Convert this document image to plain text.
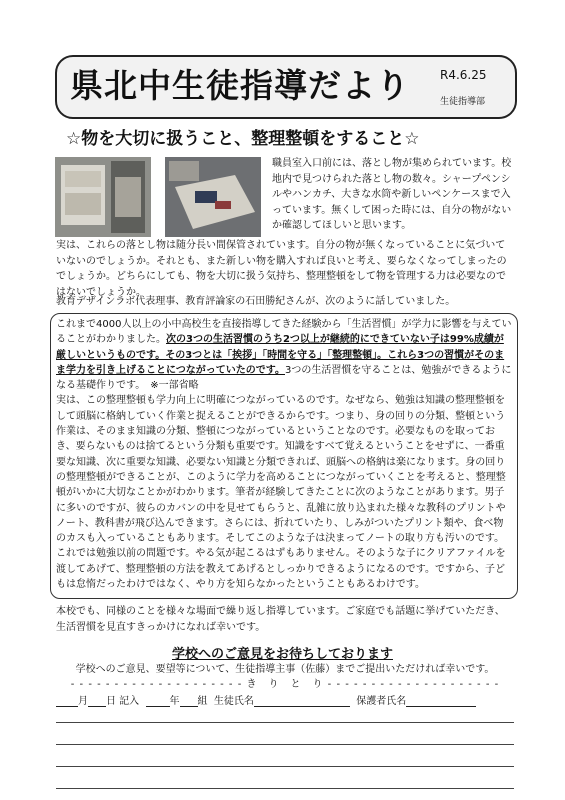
県北中生徒指導だより	R4.6.25
生徒指導部
☆物を大切に扱うこと、整理整頓をすること☆
職員室入口前には、落とし物が集められています。校地内で見つけられた落とし物の数々。シャープペンシルやハンカチ、大きな水筒や新しいペンケースまで入っています。無くして困った時には、自分の物がないか確認してほしいと思います。
実は、これらの落とし物は随分長い間保管されています。自分の物が無くなっていることに気づいていないのでしょうか。それとも、また新しい物を購入すれば良いと考え、要らなくなってしまったのでしょうか。どちらにしても、物を大切に扱う気持ち、整理整頓をして物を管理する力は必要なのではないでしょうか。
教育デザインラボ代表理事、教育評論家の石田勝紀さんが、次のように話していました。
これまで4000人以上の小中高校生を直接指導してきた経験から「生活習慣」が学力に影響を与えていることがわかりました。次の3つの生活習慣のうち2つ以上が継続的にできていない子は99%成績が厳しいというものです。その3つとは「挨拶」「時間を守る」「整理整頓」。これら3つの習慣がそのまま学力を引き上げることにつながっていたのです。3つの生活習慣を守ることは、勉強ができるようになる基礎作りです。　※一部省略
実は、この整理整頓も学力向上に明確につながっているのです。なぜなら、勉強は知識の整理整頓をして頭脳に格納していく作業と捉えることができるからです。つまり、身の回りの分類、整頓という作業は、そのまま知識の分類、整頓につながっているということなのです。必要なものを取っておき、要らないものは捨てるという分類も重要です。知識をすべて覚えるということをせずに、一番重要な知識、次に重要な知識、必要ない知識と分類できれば、頭脳への格納は楽になります。身の回りの整理整頓ができることが、このように学力を高めることにつながっていくことを考えると、整理整頓がいかに大切なことかがわかります。筆者が経験してきたことに次のようなことがあります。男子に多いのですが、彼らのカバンの中を見せてもらうと、乱雑に放り込まれた様々な教科のプリントやノート、教科書が飛び込んできます。さらには、折れていたり、しみがついたプリント類や、食べ物のカスも入っていることもあります。そしてこのような子は決まってノートの取り方も汚いのです。これでは勉強以前の問題です。やる気が起こるはずもありません。そのような子にクリアファイルを渡してあげて、整理整頓の方法を教えてあげるとしっかりできるようになるのです。ですから、子どもは怠惰だったわけではなく、やり方を知らなかったということもあるわけです。
本校でも、同様のことを様々な場面で繰り返し指導しています。ご家庭でも話題に挙げていただき、生活習慣を見直すきっかけになれば幸いです。
学校へのご意見をお待ちしております
学校へのご意見、要望等について、生徒指導主事（佐藤）までご提出いただければ幸いです。
- - - - - - - - - - - - - - - - - - - - き　り　と　り - - - - - - - - - - - - - - - - - - - -
月 日 記入	年 組 生徒氏名	保護者氏名
